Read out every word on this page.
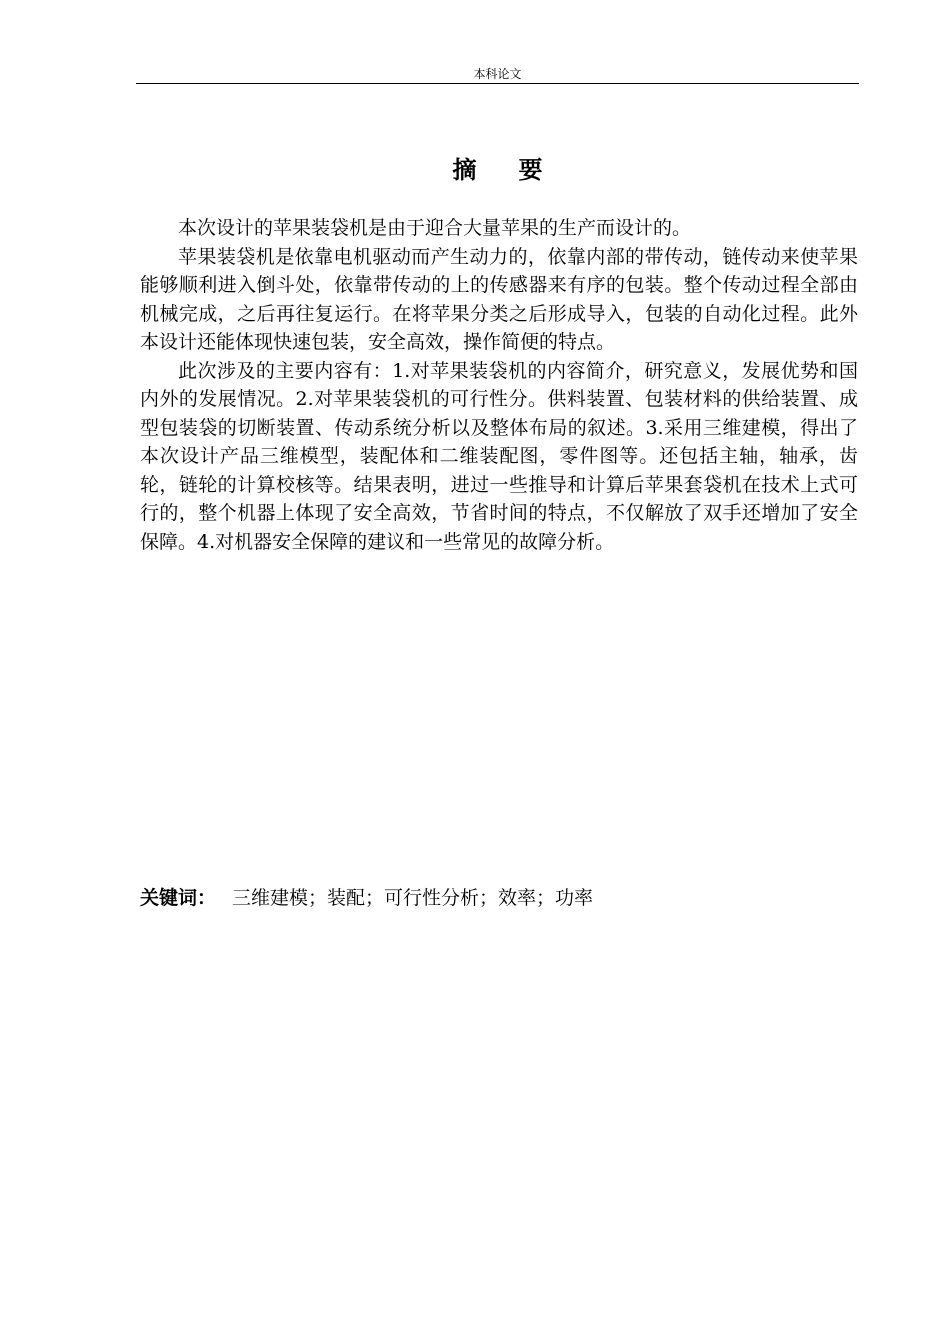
本科论文
摘要

本次设计的苹果装袋机是由于迎合大量苹果的生产而设计的。

苹果装袋机是依靠电机驱动而产生动力的，依靠内部的带传动，链传动来使苹果能够顺利进入倒斗处，依靠带传动的上的传感器来有序的包装。整个传动过程全部由机械完成，之后再往复运行。在将苹果分类之后形成导入，包装的自动化过程。此外本设计还能体现快速包装，安全高效，操作简便的特点。

此次涉及的主要内容有：1.对苹果装袋机的内容简介，研究意义，发展优势和国内外的发展情况。2.对苹果装袋机的可行性分。供料装置、包装材料的供给装置、成型包装袋的切断装置、传动系统分析以及整体布局的叙述。3.采用三维建模，得出了本次设计产品三维模型，装配体和二维装配图，零件图等。还包括主轴，轴承，齿轮，链轮的计算校核等。结果表明，进过一些推导和计算后苹果套袋机在技术上式可行的，整个机器上体现了安全高效，节省时间的特点，不仅解放了双手还增加了安全保障。4.对机器安全保障的建议和一些常见的故障分析。

关键词： 三维建模；装配；可行性分析；效率；功率
